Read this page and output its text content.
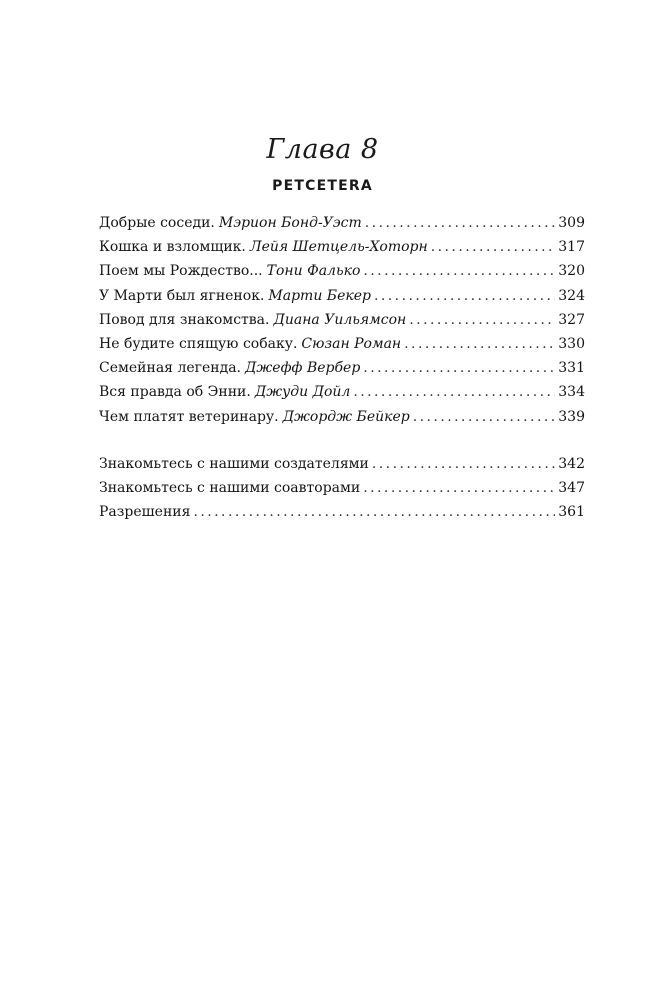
Глава 8
PETCETERA
Добрые соседи. Мэрион Бонд-Уэст . . .	309
Кошка и взломщик. Лейя Шетцель-Хоторн . . .	317
Поем мы Рождество... Тони Фалько . . .	320
У Марти был ягненок. Марти Бекер . . .	324
Повод для знакомства. Диана Уильямсон . . .	327
Не будите спящую собаку. Сюзан Роман . . .	330
Семейная легенда. Джефф Вербер . . .	331
Вся правда об Энни. Джуди Дойл . . .	334
Чем платят ветеринару. Джордж Бейкер . . .	339
Знакомьтесь с нашими создателями . . .	342
Знакомьтесь с нашими соавторами . . .	347
Разрешения . . .	361
